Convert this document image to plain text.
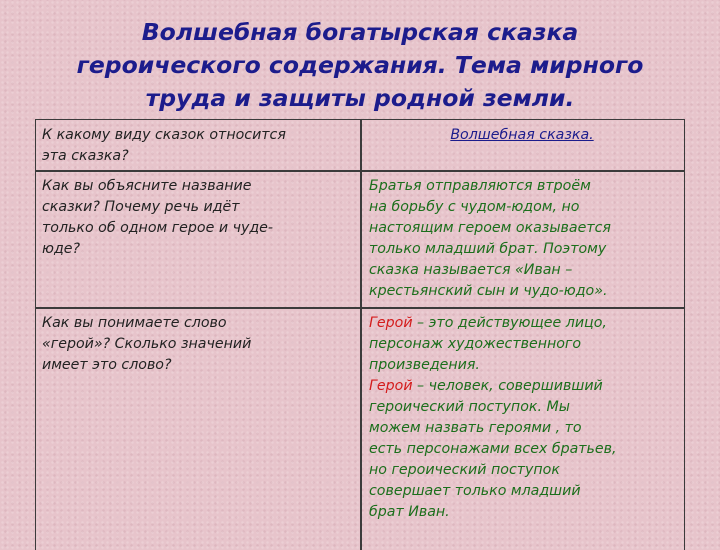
Волшебная богатырская сказка
героического содержания. Тема мирного
труда и защиты родной земли.
К какому виду сказок относится
эта сказка?
Волшебная сказка.
Как вы объясните название
сказки? Почему речь идёт
только об одном герое и чуде-
юде?
Братья отправляются втроём
на борьбу с чудом-юдом, но
настоящим героем оказывается
только младший брат. Поэтому
сказка называется «Иван –
крестьянский сын и чудо-юдо».
Как вы понимаете слово
«герой»? Сколько значений
имеет это слово?
Герой – это действующее лицо,
персонаж художественного
произведения.
Герой – человек, совершивший
героический поступок. Мы
можем назвать героями , то
есть персонажами всех братьев,
но героический поступок
совершает только младший
брат Иван.
